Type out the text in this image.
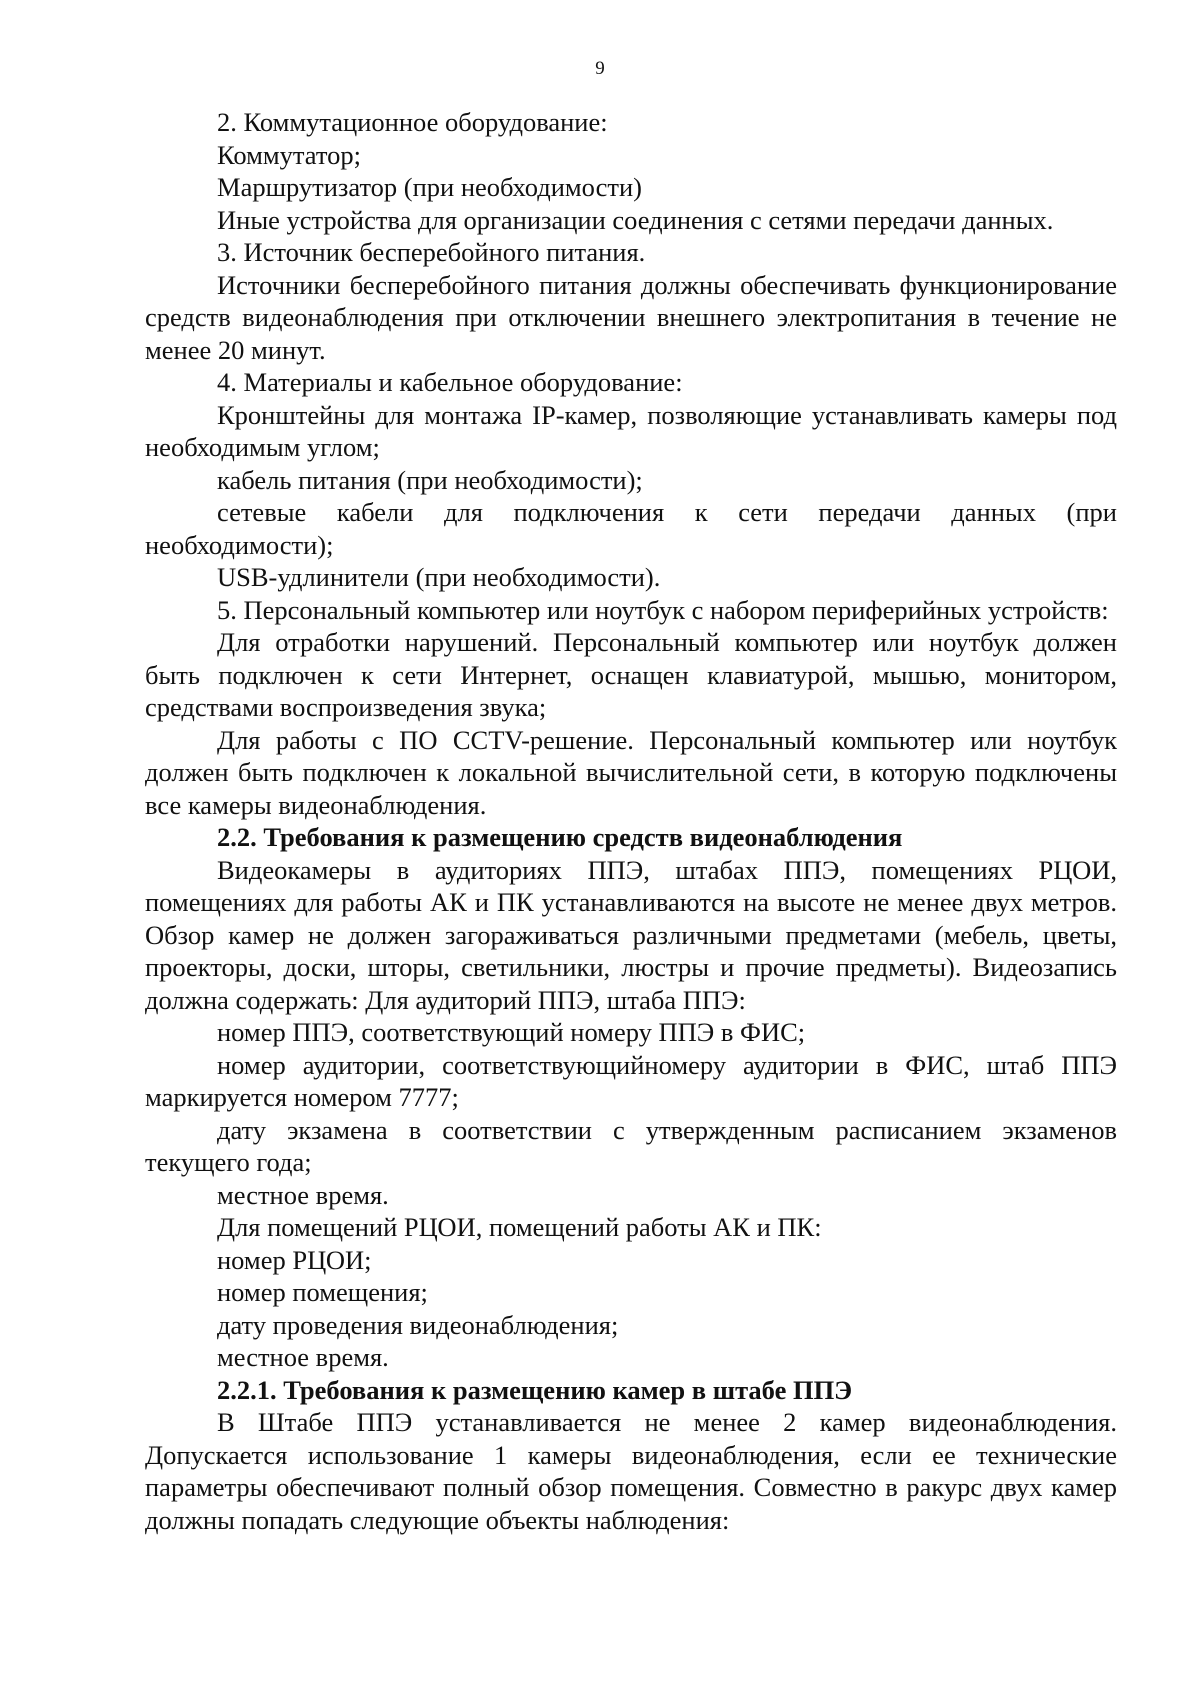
9

2. Коммутационное оборудование:

Коммутатор;

Маршрутизатор (при необходимости)

Иные устройства для организации соединения с сетями передачи данных.

3. Источник бесперебойного питания.

Источники бесперебойного питания должны обеспечивать функционирование средств видеонаблюдения при отключении внешнего электропитания в течение не менее 20 минут.

4. Материалы и кабельное оборудование:

Кронштейны для монтажа IP-камер, позволяющие устанавливать камеры под необходимым углом;

кабель питания (при необходимости);

сетевые кабели для подключения к сети передачи данных (при необходимости);

USB-удлинители (при необходимости).

5. Персональный компьютер или ноутбук с набором периферийных устройств:

Для отработки нарушений. Персональный компьютер или ноутбук должен быть подключен к сети Интернет, оснащен клавиатурой, мышью, монитором, средствами воспроизведения звука;

Для работы с ПО CCTV-решение. Персональный компьютер или ноутбук должен быть подключен к локальной вычислительной сети, в которую подключены все камеры видеонаблюдения.

2.2. Требования к размещению средств видеонаблюдения

Видеокамеры в аудиториях ППЭ, штабах ППЭ, помещениях РЦОИ, помещениях для работы АК и ПК устанавливаются на высоте не менее двух метров. Обзор камер не должен загораживаться различными предметами (мебель, цветы, проекторы, доски, шторы, светильники, люстры и прочие предметы). Видеозапись должна содержать: Для аудиторий ППЭ, штаба ППЭ:

номер ППЭ, соответствующий номеру ППЭ в ФИС;

номер аудитории, соответствующийномеру аудитории в ФИС, штаб ППЭ маркируется номером 7777;

дату экзамена в соответствии с утвержденным расписанием экзаменов текущего года;

местное время.

Для помещений РЦОИ, помещений работы АК и ПК:

номер РЦОИ;

номер помещения;

дату проведения видеонаблюдения;

местное время.

2.2.1. Требования к размещению камер в штабе ППЭ

В Штабе ППЭ устанавливается не менее 2 камер видеонаблюдения. Допускается использование 1 камеры видеонаблюдения, если ее технические параметры обеспечивают полный обзор помещения. Совместно в ракурс двух камер должны попадать следующие объекты наблюдения:
